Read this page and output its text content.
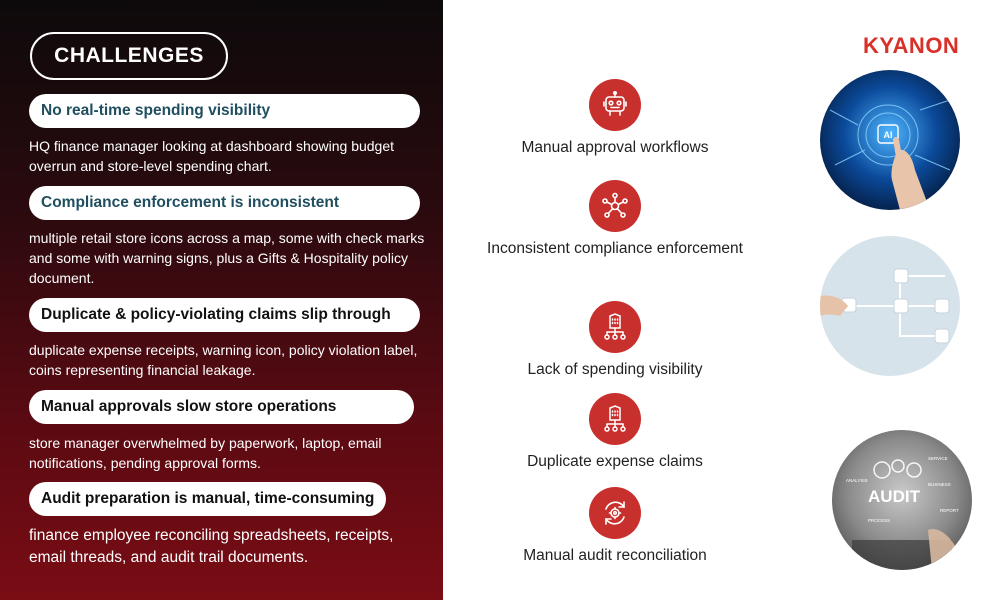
CHALLENGES
No real-time spending visibility
HQ finance manager looking at dashboard showing budget overrun and store-level spending chart.
Compliance enforcement is inconsistent
multiple retail store icons across a map, some with check marks and some with warning signs, plus a Gifts & Hospitality policy document.
Duplicate & policy-violating claims slip through
duplicate expense receipts, warning icon, policy violation label, coins representing financial leakage.
Manual approvals slow store operations
store manager overwhelmed by paperwork, laptop, email notifications, pending approval forms.
Audit preparation is manual, time-consuming
finance employee reconciling spreadsheets, receipts, email threads, and audit trail documents.
Manual approval workflows
Inconsistent compliance enforcement
Lack of spending visibility
Duplicate expense claims
Manual audit reconciliation
KYANON
AI
AUDIT
SERVICE
ANALYSIS
BUSINESS
PROCESS
REPORT
